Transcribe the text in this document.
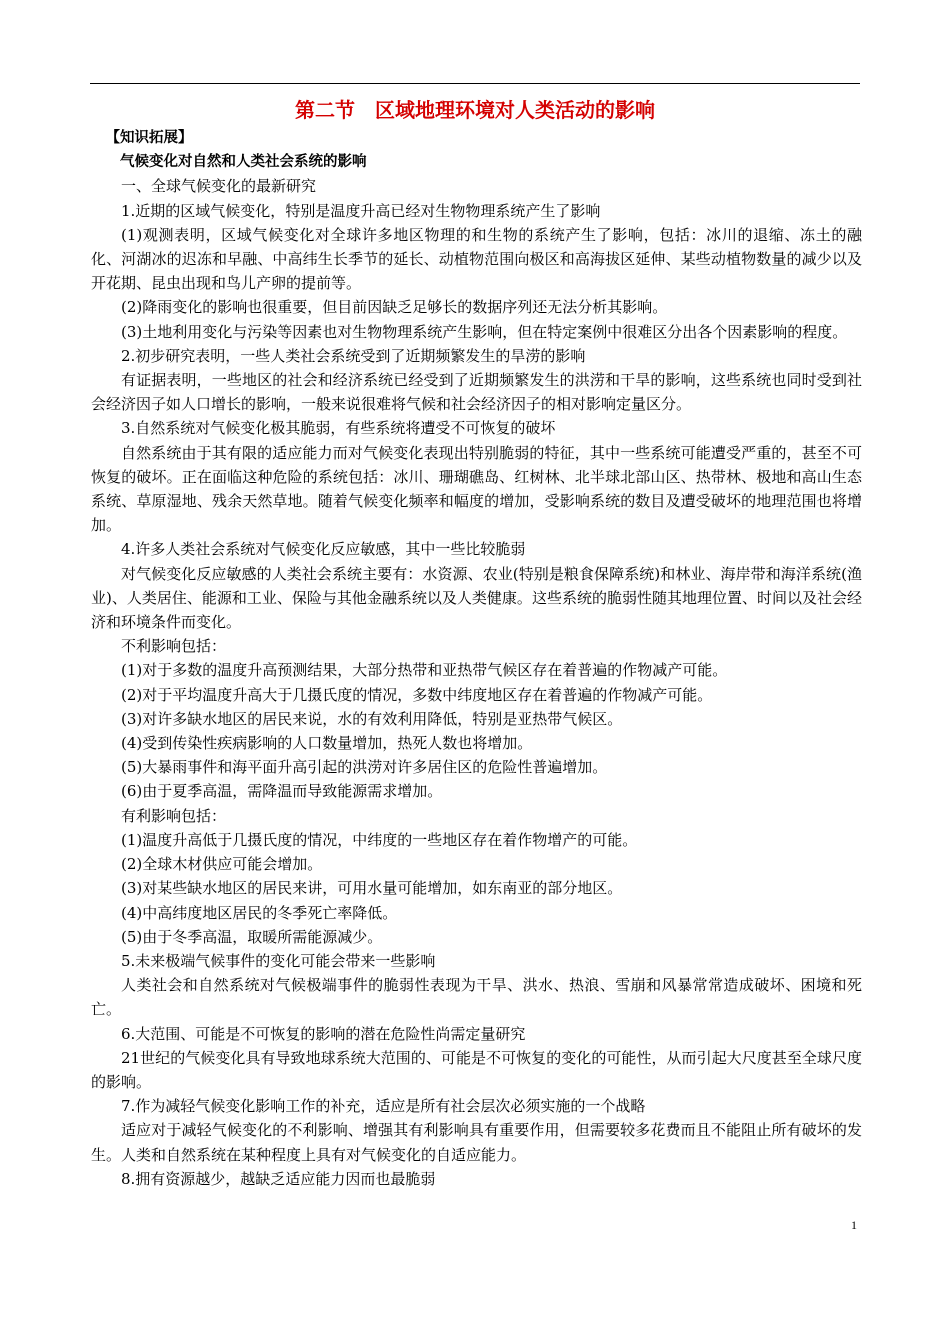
第二节　区域地理环境对人类活动的影响

【知识拓展】

气候变化对自然和人类社会系统的影响

一、全球气候变化的最新研究

1.近期的区域气候变化，特别是温度升高已经对生物物理系统产生了影响

(1)观测表明，区域气候变化对全球许多地区物理的和生物的系统产生了影响，包括：冰川的退缩、冻土的融化、河湖冰的迟冻和早融、中高纬生长季节的延长、动植物范围向极区和高海拔区延伸、某些动植物数量的减少以及开花期、昆虫出现和鸟儿产卵的提前等。

(2)降雨变化的影响也很重要，但目前因缺乏足够长的数据序列还无法分析其影响。

(3)土地利用变化与污染等因素也对生物物理系统产生影响，但在特定案例中很难区分出各个因素影响的程度。

2.初步研究表明，一些人类社会系统受到了近期频繁发生的旱涝的影响

有证据表明，一些地区的社会和经济系统已经受到了近期频繁发生的洪涝和干旱的影响，这些系统也同时受到社会经济因子如人口增长的影响，一般来说很难将气候和社会经济因子的相对影响定量区分。

3.自然系统对气候变化极其脆弱，有些系统将遭受不可恢复的破坏

自然系统由于其有限的适应能力而对气候变化表现出特别脆弱的特征，其中一些系统可能遭受严重的，甚至不可恢复的破坏。正在面临这种危险的系统包括：冰川、珊瑚礁岛、红树林、北半球北部山区、热带林、极地和高山生态系统、草原湿地、残余天然草地。随着气候变化频率和幅度的增加，受影响系统的数目及遭受破坏的地理范围也将增加。

4.许多人类社会系统对气候变化反应敏感，其中一些比较脆弱

对气候变化反应敏感的人类社会系统主要有：水资源、农业(特别是粮食保障系统)和林业、海岸带和海洋系统(渔业)、人类居住、能源和工业、保险与其他金融系统以及人类健康。这些系统的脆弱性随其地理位置、时间以及社会经济和环境条件而变化。

不利影响包括：

(1)对于多数的温度升高预测结果，大部分热带和亚热带气候区存在着普遍的作物减产可能。

(2)对于平均温度升高大于几摄氏度的情况，多数中纬度地区存在着普遍的作物减产可能。

(3)对许多缺水地区的居民来说，水的有效利用降低，特别是亚热带气候区。

(4)受到传染性疾病影响的人口数量增加，热死人数也将增加。

(5)大暴雨事件和海平面升高引起的洪涝对许多居住区的危险性普遍增加。

(6)由于夏季高温，需降温而导致能源需求增加。

有利影响包括：

(1)温度升高低于几摄氏度的情况，中纬度的一些地区存在着作物增产的可能。

(2)全球木材供应可能会增加。

(3)对某些缺水地区的居民来讲，可用水量可能增加，如东南亚的部分地区。

(4)中高纬度地区居民的冬季死亡率降低。

(5)由于冬季高温，取暖所需能源减少。

5.未来极端气候事件的变化可能会带来一些影响

人类社会和自然系统对气候极端事件的脆弱性表现为干旱、洪水、热浪、雪崩和风暴常常造成破坏、困境和死亡。

6.大范围、可能是不可恢复的影响的潜在危险性尚需定量研究

21世纪的气候变化具有导致地球系统大范围的、可能是不可恢复的变化的可能性，从而引起大尺度甚至全球尺度的影响。

7.作为减轻气候变化影响工作的补充，适应是所有社会层次必须实施的一个战略

适应对于减轻气候变化的不利影响、增强其有利影响具有重要作用，但需要较多花费而且不能阻止所有破坏的发生。人类和自然系统在某种程度上具有对气候变化的自适应能力。

8.拥有资源越少，越缺乏适应能力因而也最脆弱

1
